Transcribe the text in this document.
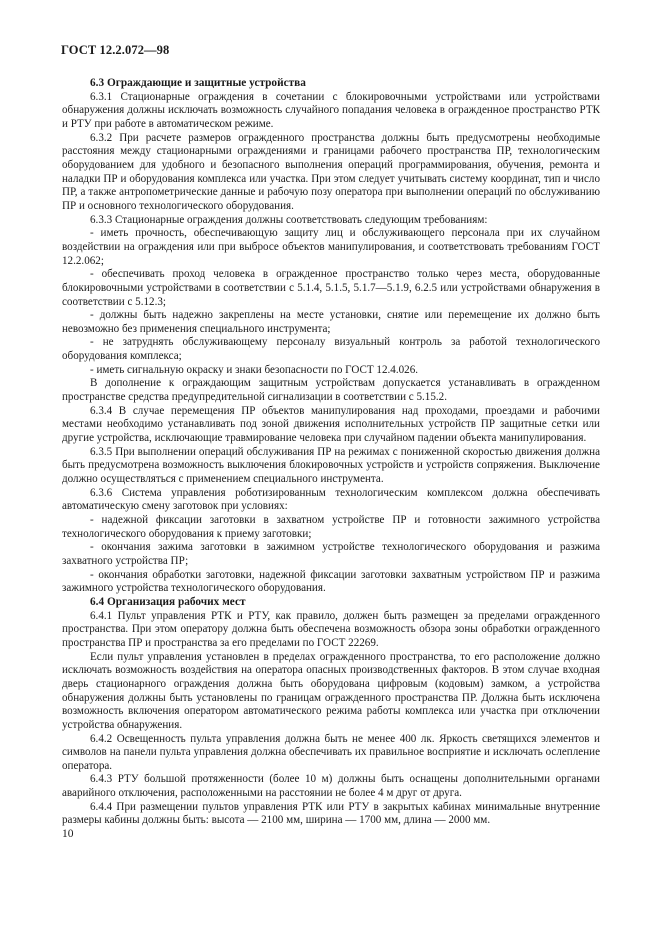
ГОСТ 12.2.072—98
6.3 Ограждающие и защитные устройства

6.3.1 Стационарные ограждения в сочетании с блокировочными устройствами или устройствами обнаружения должны исключать возможность случайного попадания человека в огражденное пространство РТК и РТУ при работе в автоматическом режиме.

6.3.2 При расчете размеров огражденного пространства должны быть предусмотрены необходимые расстояния между стационарными ограждениями и границами рабочего пространства ПР, технологическим оборудованием для удобного и безопасного выполнения операций программирования, обучения, ремонта и наладки ПР и оборудования комплекса или участка. При этом следует учитывать систему координат, тип и число ПР, а также антропометрические данные и рабочую позу оператора при выполнении операций по обслуживанию ПР и основного технологического оборудования.

6.3.3 Стационарные ограждения должны соответствовать следующим требованиям:

- иметь прочность, обеспечивающую защиту лиц и обслуживающего персонала при их случайном воздействии на ограждения или при выбросе объектов манипулирования, и соответствовать требованиям ГОСТ 12.2.062;

- обеспечивать проход человека в огражденное пространство только через места, оборудованные блокировочными устройствами в соответствии с 5.1.4, 5.1.5, 5.1.7—5.1.9, 6.2.5 или устройствами обнаружения в соответствии с 5.12.3;

- должны быть надежно закреплены на месте установки, снятие или перемещение их должно быть невозможно без применения специального инструмента;

- не затруднять обслуживающему персоналу визуальный контроль за работой технологического оборудования комплекса;

- иметь сигнальную окраску и знаки безопасности по ГОСТ 12.4.026.

В дополнение к ограждающим защитным устройствам допускается устанавливать в огражденном пространстве средства предупредительной сигнализации в соответствии с 5.15.2.

6.3.4 В случае перемещения ПР объектов манипулирования над проходами, проездами и рабочими местами необходимо устанавливать под зоной движения исполнительных устройств ПР защитные сетки или другие устройства, исключающие травмирование человека при случайном падении объекта манипулирования.

6.3.5 При выполнении операций обслуживания ПР на режимах с пониженной скоростью движения должна быть предусмотрена возможность выключения блокировочных устройств и устройств сопряжения. Выключение должно осуществляться с применением специального инструмента.

6.3.6 Система управления роботизированным технологическим комплексом должна обеспечивать автоматическую смену заготовок при условиях:

- надежной фиксации заготовки в захватном устройстве ПР и готовности зажимного устройства технологического оборудования к приему заготовки;

- окончания зажима заготовки в зажимном устройстве технологического оборудования и разжима захватного устройства ПР;

- окончания обработки заготовки, надежной фиксации заготовки захватным устройством ПР и разжима зажимного устройства технологического оборудования.

6.4 Организация рабочих мест

6.4.1 Пульт управления РТК и РТУ, как правило, должен быть размещен за пределами огражденного пространства. При этом оператору должна быть обеспечена возможность обзора зоны обработки огражденного пространства ПР и пространства за его пределами по ГОСТ 22269.

Если пульт управления установлен в пределах огражденного пространства, то его расположение должно исключать возможность воздействия на оператора опасных производственных факторов. В этом случае входная дверь стационарного ограждения должна быть оборудована цифровым (кодовым) замком, а устройства обнаружения должны быть установлены по границам огражденного пространства ПР. Должна быть исключена возможность включения оператором автоматического режима работы комплекса или участка при отключении устройства обнаружения.

6.4.2 Освещенность пульта управления должна быть не менее 400 лк. Яркость светящихся элементов и символов на панели пульта управления должна обеспечивать их правильное восприятие и исключать ослепление оператора.

6.4.3 РТУ большой протяженности (более 10 м) должны быть оснащены дополнительными органами аварийного отключения, расположенными на расстоянии не более 4 м друг от друга.

6.4.4 При размещении пультов управления РТК или РТУ в закрытых кабинах минимальные внутренние размеры кабины должны быть: высота — 2100 мм, ширина — 1700 мм, длина — 2000 мм.

10
